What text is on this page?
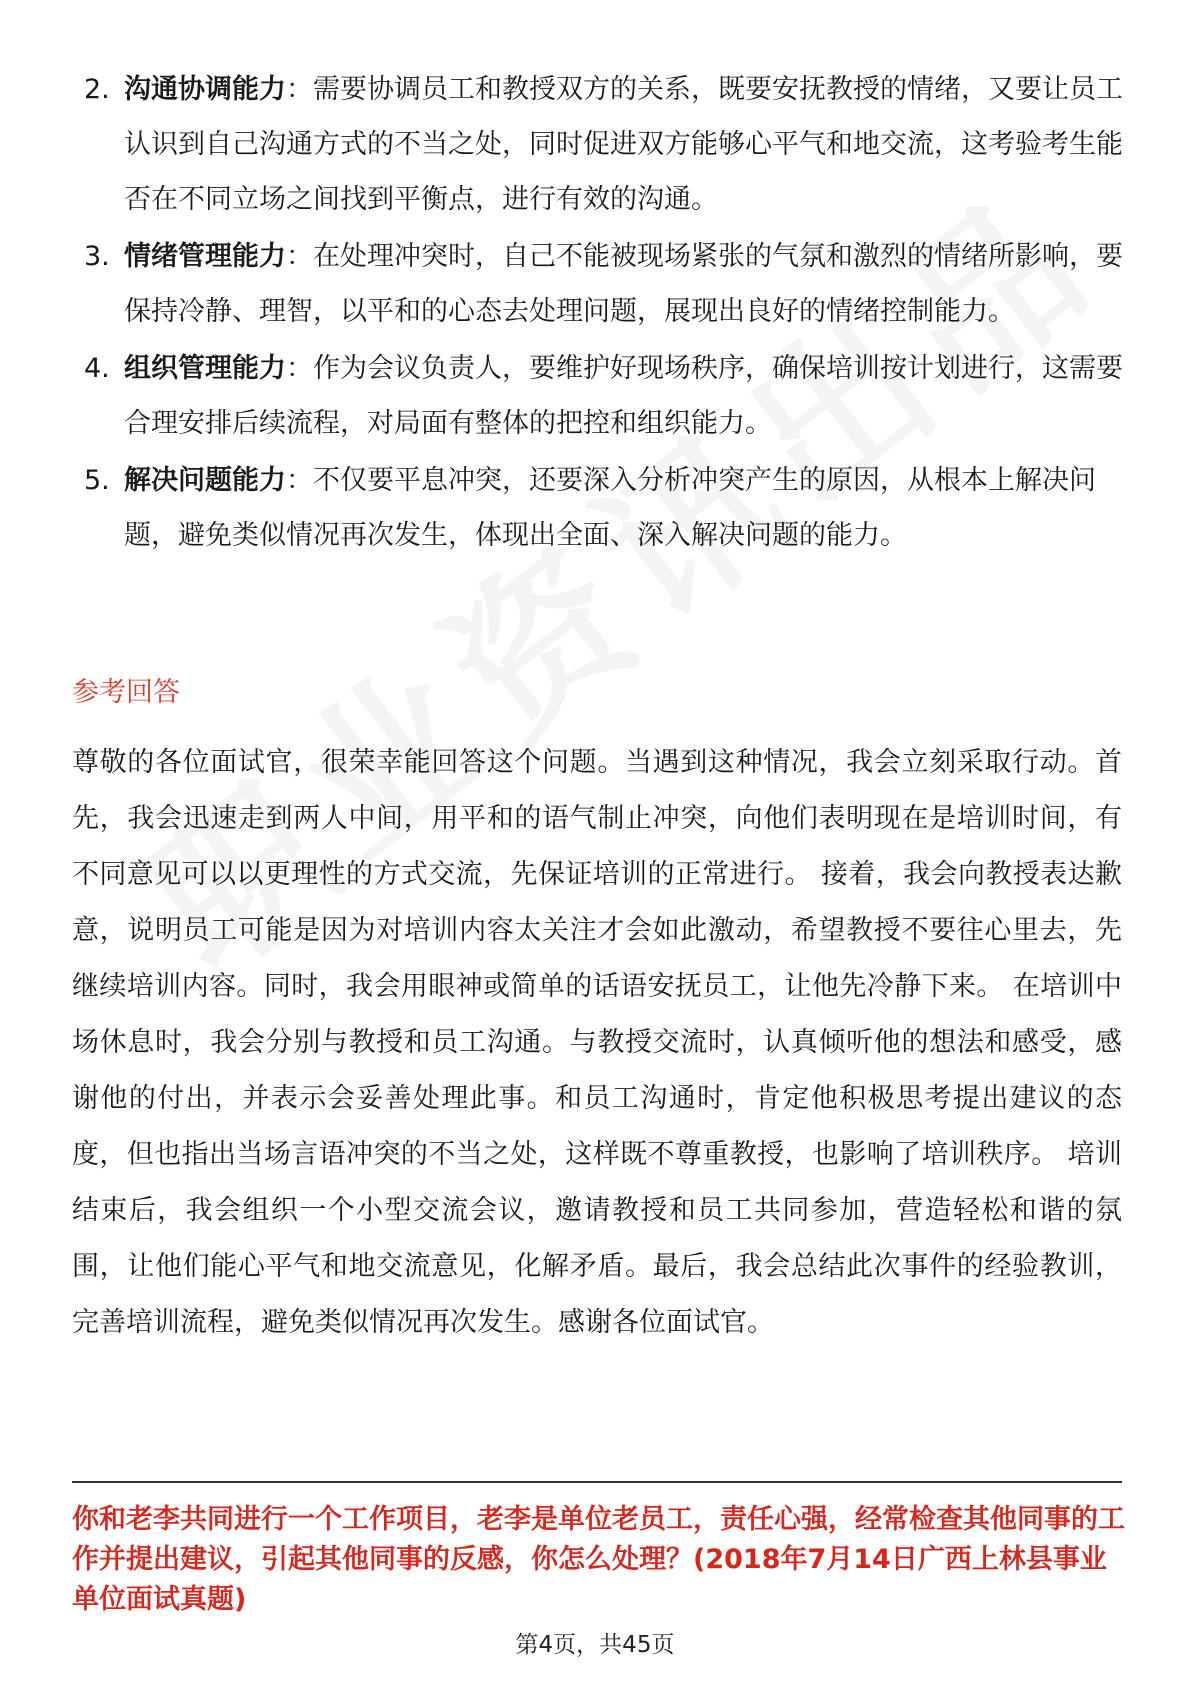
2. 沟通协调能力：需要协调员工和教授双方的关系，既要安抚教授的情绪，又要让员工认识到自己沟通方式的不当之处，同时促进双方能够心平气和地交流，这考验考生能否在不同立场之间找到平衡点，进行有效的沟通。
3. 情绪管理能力：在处理冲突时，自己不能被现场紧张的气氛和激烈的情绪所影响，要保持冷静、理智，以平和的心态去处理问题，展现出良好的情绪控制能力。
4. 组织管理能力：作为会议负责人，要维护好现场秩序，确保培训按计划进行，这需要合理安排后续流程，对局面有整体的把控和组织能力。
5. 解决问题能力：不仅要平息冲突，还要深入分析冲突产生的原因，从根本上解决问题，避免类似情况再次发生，体现出全面、深入解决问题的能力。
参考回答

尊敬的各位面试官，很荣幸能回答这个问题。当遇到这种情况，我会立刻采取行动。首先，我会迅速走到两人中间，用平和的语气制止冲突，向他们表明现在是培训时间，有不同意见可以以更理性的方式交流，先保证培训的正常进行。 接着，我会向教授表达歉意，说明员工可能是因为对培训内容太关注才会如此激动，希望教授不要往心里去，先继续培训内容。同时，我会用眼神或简单的话语安抚员工，让他先冷静下来。 在培训中场休息时，我会分别与教授和员工沟通。与教授交流时，认真倾听他的想法和感受，感谢他的付出，并表示会妥善处理此事。和员工沟通时，肯定他积极思考提出建议的态度，但也指出当场言语冲突的不当之处，这样既不尊重教授，也影响了培训秩序。 培训结束后，我会组织一个小型交流会议，邀请教授和员工共同参加，营造轻松和谐的氛围，让他们能心平气和地交流意见，化解矛盾。最后，我会总结此次事件的经验教训，完善培训流程，避免类似情况再次发生。感谢各位面试官。

你和老李共同进行一个工作项目，老李是单位老员工，责任心强，经常检查其他同事的工作并提出建议，引起其他同事的反感，你怎么处理？(2018年7月14日广西上林县事业单位面试真题)

第4页，共45页
